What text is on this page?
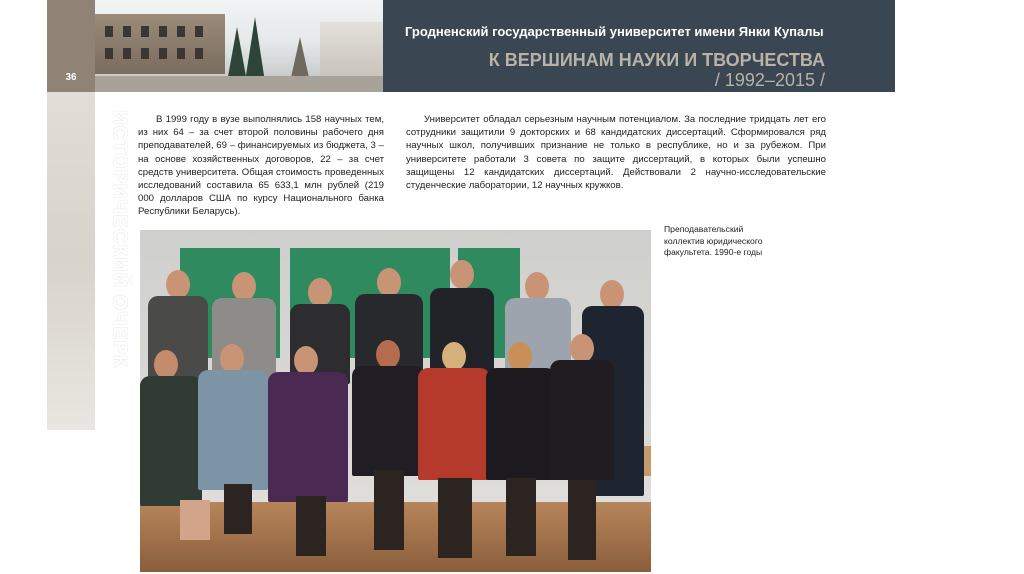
36
ИСТОРИЧЕСКИЙ ОЧЕРК
Гродненский государственный университет имени Янки Купалы
К ВЕРШИНАМ НАУКИ И ТВОРЧЕСТВА
/ 1992–2015 /
В 1999 году в вузе выполнялись 158 научных тем, из них 64 – за счет второй половины рабочего дня преподавателей, 69 – финансируемых из бюджета, 3 – на основе хозяйственных договоров, 22 – за счет средств университета. Общая стоимость проведенных исследований составила 65 633,1 млн рублей (219 000 долларов США по курсу Национального банка Республики Беларусь).
Университет обладал серьезным научным потенциалом. За последние тридцать лет его сотрудники защитили 9 докторских и 68 кандидатских диссертаций. Сформировался ряд научных школ, получивших признание не только в республике, но и за рубежом. При университете работали 3 совета по защите диссертаций, в которых были успешно защищены 12 кандидатских диссертаций. Действовали 2 научно-исследовательские студенческие лаборатории, 12 научных кружков.
Преподавательский коллектив юридического факультета. 1990-е годы
